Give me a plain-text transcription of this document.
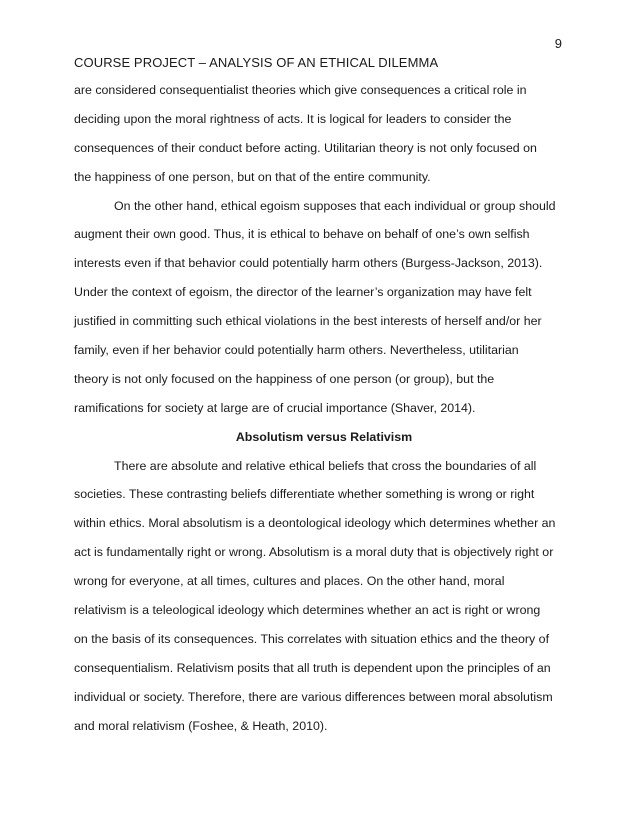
9
COURSE PROJECT – ANALYSIS OF AN ETHICAL DILEMMA
are considered consequentialist theories which give consequences a critical role in
deciding upon the moral rightness of acts. It is logical for leaders to consider the
consequences of their conduct before acting. Utilitarian theory is not only focused on
the happiness of one person, but on that of the entire community.
On the other hand, ethical egoism supposes that each individual or group should
augment their own good. Thus, it is ethical to behave on behalf of one’s own selfish
interests even if that behavior could potentially harm others (Burgess-Jackson, 2013).
Under the context of egoism, the director of the learner’s organization may have felt
justified in committing such ethical violations in the best interests of herself and/or her
family, even if her behavior could potentially harm others. Nevertheless, utilitarian
theory is not only focused on the happiness of one person (or group), but the
ramifications for society at large are of crucial importance (Shaver, 2014).
Absolutism versus Relativism
There are absolute and relative ethical beliefs that cross the boundaries of all
societies. These contrasting beliefs differentiate whether something is wrong or right
within ethics. Moral absolutism is a deontological ideology which determines whether an
act is fundamentally right or wrong. Absolutism is a moral duty that is objectively right or
wrong for everyone, at all times, cultures and places. On the other hand, moral
relativism is a teleological ideology which determines whether an act is right or wrong
on the basis of its consequences. This correlates with situation ethics and the theory of
consequentialism. Relativism posits that all truth is dependent upon the principles of an
individual or society. Therefore, there are various differences between moral absolutism
and moral relativism (Foshee, & Heath, 2010).
